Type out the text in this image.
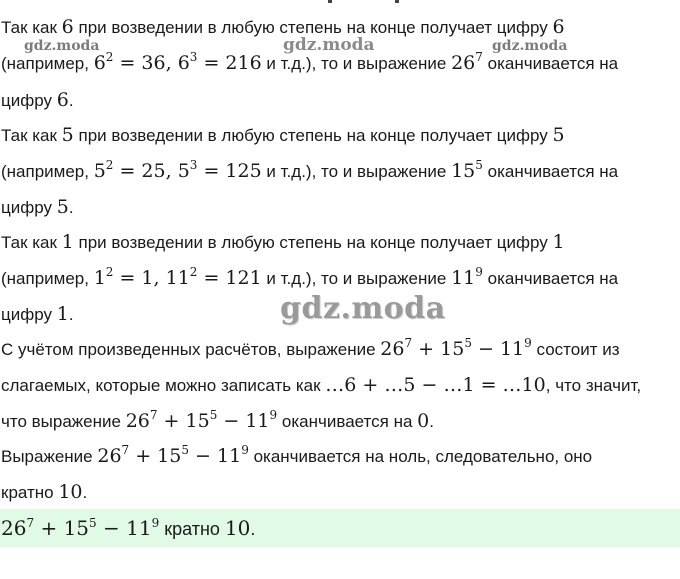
Так как 6 при возведении в любую степень на конце получает цифру 6
(например, $6^2 = 36$, $6^3 = 216$ и т.д.), то и выражение $26^7$ оканчивается на
цифру 6.
Так как 5 при возведении в любую степень на конце получает цифру 5
(например, $5^2 = 25$, $5^3 = 125$ и т.д.), то и выражение $15^5$ оканчивается на
цифру 5.
Так как 1 при возведении в любую степень на конце получает цифру 1
(например, $1^2 = 1$, $11^2 = 121$ и т.д.), то и выражение $11^9$ оканчивается на
цифру 1.
С учётом произведенных расчётов, выражение $26^7 + 15^5 - 11^9$ состоит из
слагаемых, которые можно записать как …6 + …5 − …1 = …10, что значит,
что выражение $26^7 + 15^5 - 11^9$ оканчивается на 0.
Выражение $26^7 + 15^5 - 11^9$ оканчивается на ноль, следовательно, оно
кратно 10.
$26^7 + 15^5 - 11^9$ кратно 10.
gdz.moda	gdz.moda	gdz.moda
gdz.moda
